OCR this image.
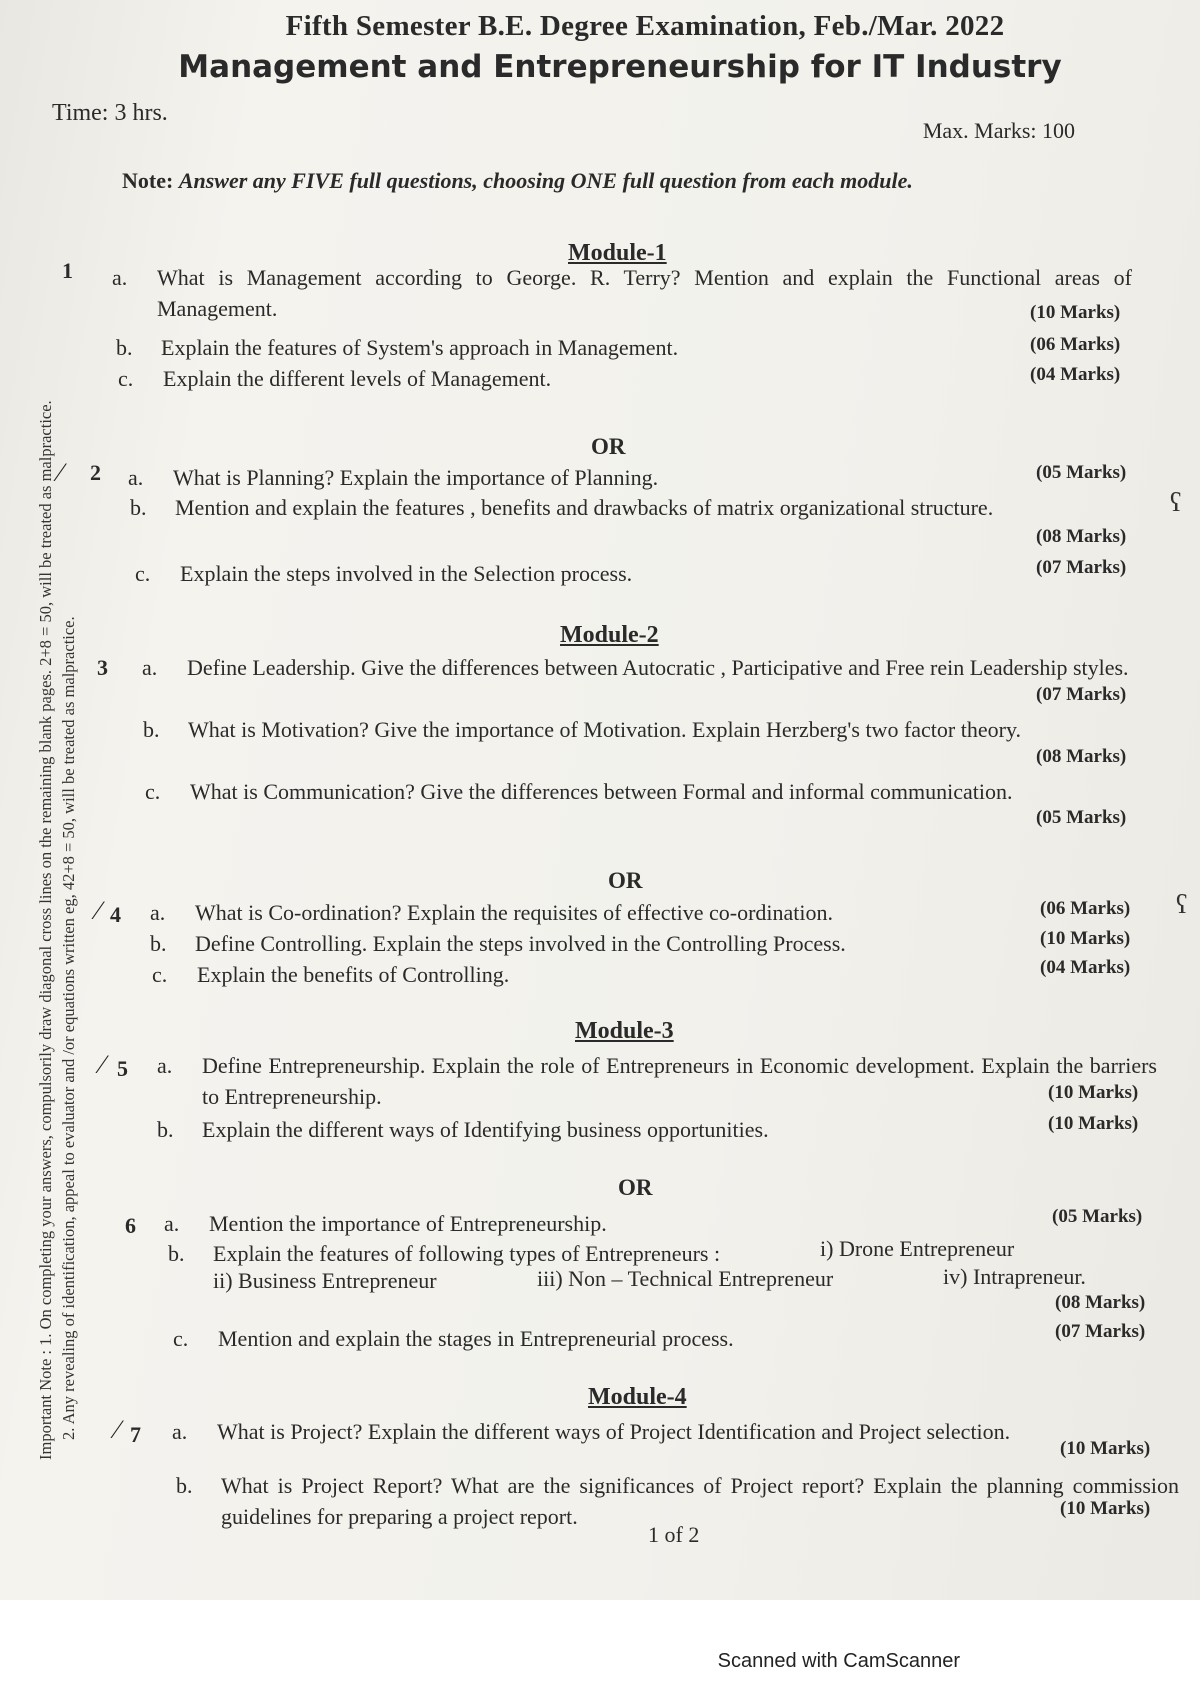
Important Note : 1. On completing your answers, compulsorily draw diagonal cross lines on the remaining blank pages. 2+8 = 50, will be treated as malpractice. 2. Any revealing of identification, appeal to evaluator and /or equations written eg, 42+8 = 50, will be treated as malpractice.
Fifth Semester B.E. Degree Examination, Feb./Mar. 2022
Management and Entrepreneurship for IT Industry
Time: 3 hrs.
Max. Marks: 100
Note: Answer any FIVE full questions, choosing ONE full question from each module.
Module-1
1 a. What is Management according to George. R. Terry? Mention and explain the Functional areas of Management.	(10 Marks)
b. Explain the features of System's approach in Management.	(06 Marks)
c. Explain the different levels of Management.	(04 Marks)
OR
⁄ 2 a. What is Planning? Explain the importance of Planning.	(05 Marks)
b. Mention and explain the features , benefits and drawbacks of matrix organizational structure.
(08 Marks)
c. Explain the steps involved in the Selection process.	(07 Marks)
Module-2
3 a. Define Leadership. Give the differences between Autocratic , Participative and Free rein Leadership styles.
(07 Marks)
b. What is Motivation? Give the importance of Motivation. Explain Herzberg's two factor theory.
(08 Marks)
c. What is Communication? Give the differences between Formal and informal communication.
(05 Marks)
OR
⁄ 4 a. What is Co-ordination? Explain the requisites of effective co-ordination.	(06 Marks)
b. Define Controlling. Explain the steps involved in the Controlling Process.	(10 Marks)
c. Explain the benefits of Controlling.	(04 Marks)
Module-3
⁄ 5 a. Define Entrepreneurship. Explain the role of Entrepreneurs in Economic development. Explain the barriers to Entrepreneurship.	(10 Marks)
b. Explain the different ways of Identifying business opportunities.	(10 Marks)
OR
6 a. Mention the importance of Entrepreneurship.	(05 Marks)
b. Explain the features of following types of Entrepreneurs :	i) Drone Entrepreneur
ii) Business Entrepreneur	iii) Non – Technical Entrepreneur	iv) Intrapreneur.
(08 Marks)
c. Mention and explain the stages in Entrepreneurial process.	(07 Marks)
Module-4
⁄ 7 a. What is Project? Explain the different ways of Project Identification and Project selection.
(10 Marks)
b. What is Project Report? What are the significances of Project report? Explain the planning commission guidelines for preparing a project report.	(10 Marks)
1 of 2
ʕ
ʕ
Scanned with CamScanner
